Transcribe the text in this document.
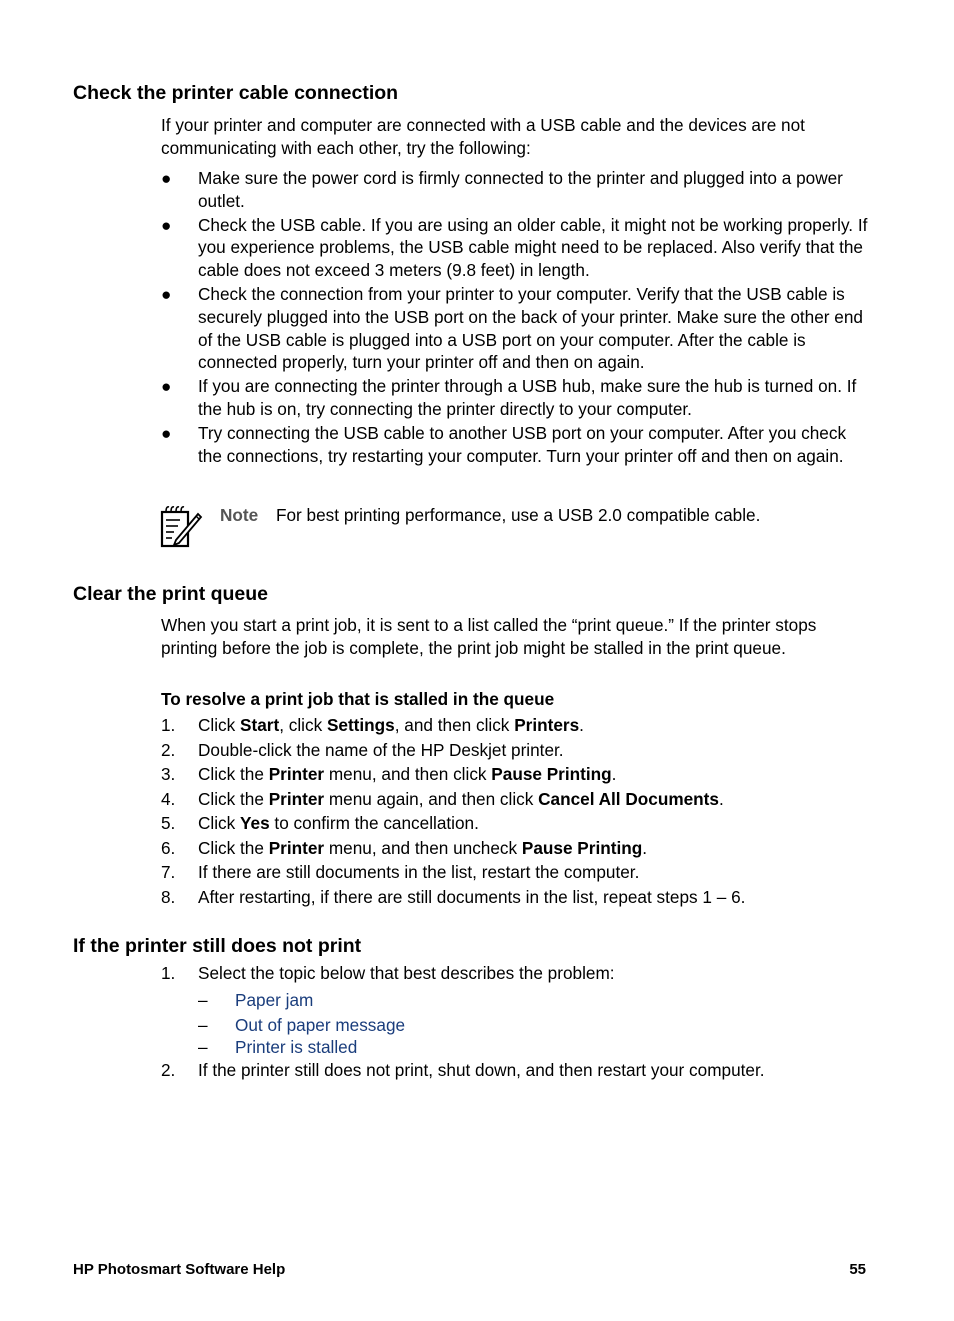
Check the printer cable connection

If your printer and computer are connected with a USB cable and the devices are not communicating with each other, try the following:

● Make sure the power cord is firmly connected to the printer and plugged into a power outlet.
● Check the USB cable. If you are using an older cable, it might not be working properly. If you experience problems, the USB cable might need to be replaced. Also verify that the cable does not exceed 3 meters (9.8 feet) in length.
● Check the connection from your printer to your computer. Verify that the USB cable is securely plugged into the USB port on the back of your printer. Make sure the other end of the USB cable is plugged into a USB port on your computer. After the cable is connected properly, turn your printer off and then on again.
● If you are connecting the printer through a USB hub, make sure the hub is turned on. If the hub is on, try connecting the printer directly to your computer.
● Try connecting the USB cable to another USB port on your computer. After you check the connections, try restarting your computer. Turn your printer off and then on again.
Note For best printing performance, use a USB 2.0 compatible cable.
Clear the print queue

When you start a print job, it is sent to a list called the “print queue.” If the printer stops printing before the job is complete, the print job might be stalled in the print queue.

To resolve a print job that is stalled in the queue

1. Click Start, click Settings, and then click Printers.
2. Double-click the name of the HP Deskjet printer.
3. Click the Printer menu, and then click Pause Printing.
4. Click the Printer menu again, and then click Cancel All Documents.
5. Click Yes to confirm the cancellation.
6. Click the Printer menu, and then uncheck Pause Printing.
7. If there are still documents in the list, restart the computer.
8. After restarting, if there are still documents in the list, repeat steps 1 – 6.
If the printer still does not print
1. Select the topic below that best describes the problem:
– Paper jam
– Out of paper message
– Printer is stalled
2. If the printer still does not print, shut down, and then restart your computer.
HP Photosmart Software Help	55
